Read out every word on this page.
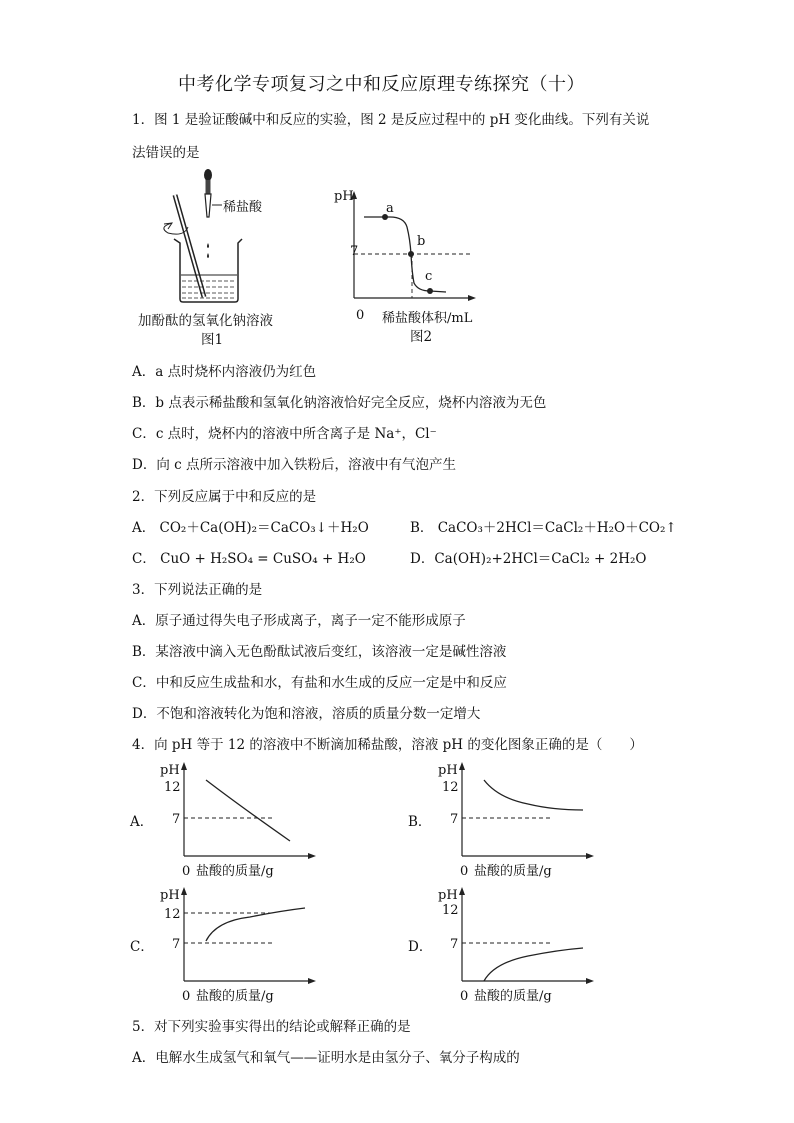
中考化学专项复习之中和反应原理专练探究（十）
1．图 1 是验证酸碱中和反应的实验，图 2 是反应过程中的 pH 变化曲线。下列有关说
法错误的是
稀盐酸
加酚酞的氢氧化钠溶液
图1
pH
7
0
a
b
c
稀盐酸体积/mL
图2
A．a 点时烧杯内溶液仍为红色
B．b 点表示稀盐酸和氢氧化钠溶液恰好完全反应，烧杯内溶液为无色
C．c 点时，烧杯内的溶液中所含离子是 Na⁺，Cl⁻
D．向 c 点所示溶液中加入铁粉后，溶液中有气泡产生
2．下列反应属于中和反应的是
A． CO₂＋Ca(OH)₂＝CaCO₃↓＋H₂O	B． CaCO₃＋2HCl＝CaCl₂＋H₂O＋CO₂↑
C． CuO + H₂SO₄ = CuSO₄ + H₂O	D．Ca(OH)₂+2HCl＝CaCl₂ + 2H₂O
3．下列说法正确的是
A．原子通过得失电子形成离子，离子一定不能形成原子
B．某溶液中滴入无色酚酞试液后变红，该溶液一定是碱性溶液
C．中和反应生成盐和水，有盐和水生成的反应一定是中和反应
D．不饱和溶液转化为饱和溶液，溶质的质量分数一定增大
4．向 pH 等于 12 的溶液中不断滴加稀盐酸，溶液 pH 的变化图象正确的是（　　）
A．
pH
12
7
0 盐酸的质量/g
B．
pH
12
7
0 盐酸的质量/g
C．
pH
12
7
0 盐酸的质量/g
D．
pH
12
7
0 盐酸的质量/g
5．对下列实验事实得出的结论或解释正确的是
A．电解水生成氢气和氧气——证明水是由氢分子、氧分子构成的
